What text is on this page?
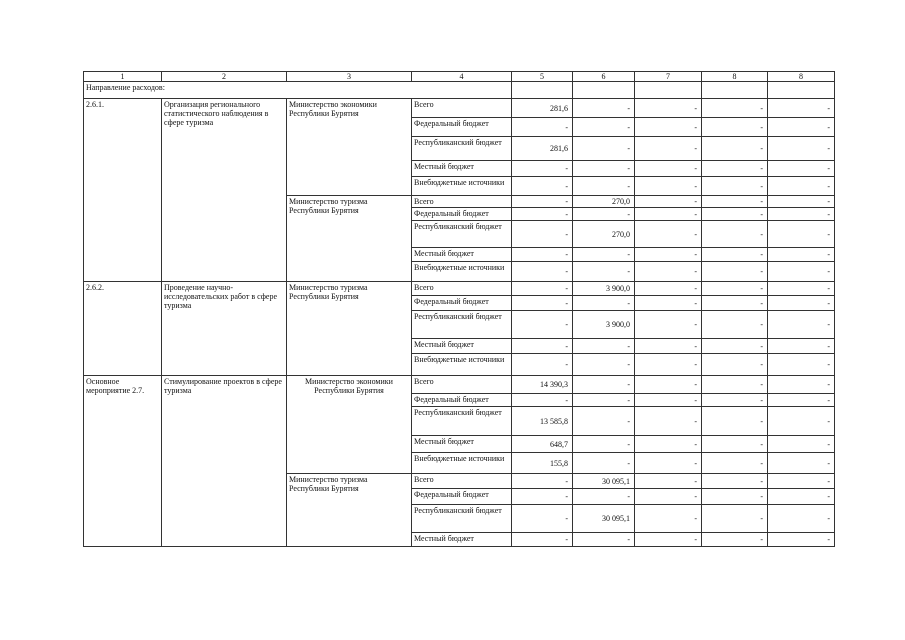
1	2	3	4	5	6	7	8	8
Направление расходов:								
2.6.1.	Организация регионального статистического наблюдения в сфере туризма	Министерство экономики Республики Бурятия	Всего	281,6	-	-	-	-
			Федеральный бюджет	-	-	-	-	-
			Республиканский бюджет	281,6	-	-	-	-
			Местный бюджет	-	-	-	-	-
			Внебюджетные источники	-	-	-	-	-
		Министерство туризма Республики Бурятия	Всего	-	270,0	-	-	-
			Федеральный бюджет	-	-	-	-	-
			Республиканский бюджет	-	270,0	-	-	-
			Местный бюджет	-	-	-	-	-
			Внебюджетные источники	-	-	-	-	-
2.6.2.	Проведение научно-исследовательских работ в сфере туризма	Министерство туризма Республики Бурятия	Всего	-	3 900,0	-	-	-
			Федеральный бюджет	-	-	-	-	-
			Республиканский бюджет	-	3 900,0	-	-	-
			Местный бюджет	-	-	-	-	-
			Внебюджетные источники	-	-	-	-	-
Основное мероприятие 2.7.	Стимулирование проектов в сфере туризма	Министерство экономики Республики Бурятия	Всего	14 390,3	-	-	-	-
			Федеральный бюджет	-	-	-	-	-
			Республиканский бюджет	13 585,8	-	-	-	-
			Местный бюджет	648,7	-	-	-	-
			Внебюджетные источники	155,8	-	-	-	-
		Министерство туризма Республики Бурятия	Всего	-	30 095,1	-	-	-
			Федеральный бюджет	-	-	-	-	-
			Республиканский бюджет	-	30 095,1	-	-	-
			Местный бюджет	-	-	-	-	-
